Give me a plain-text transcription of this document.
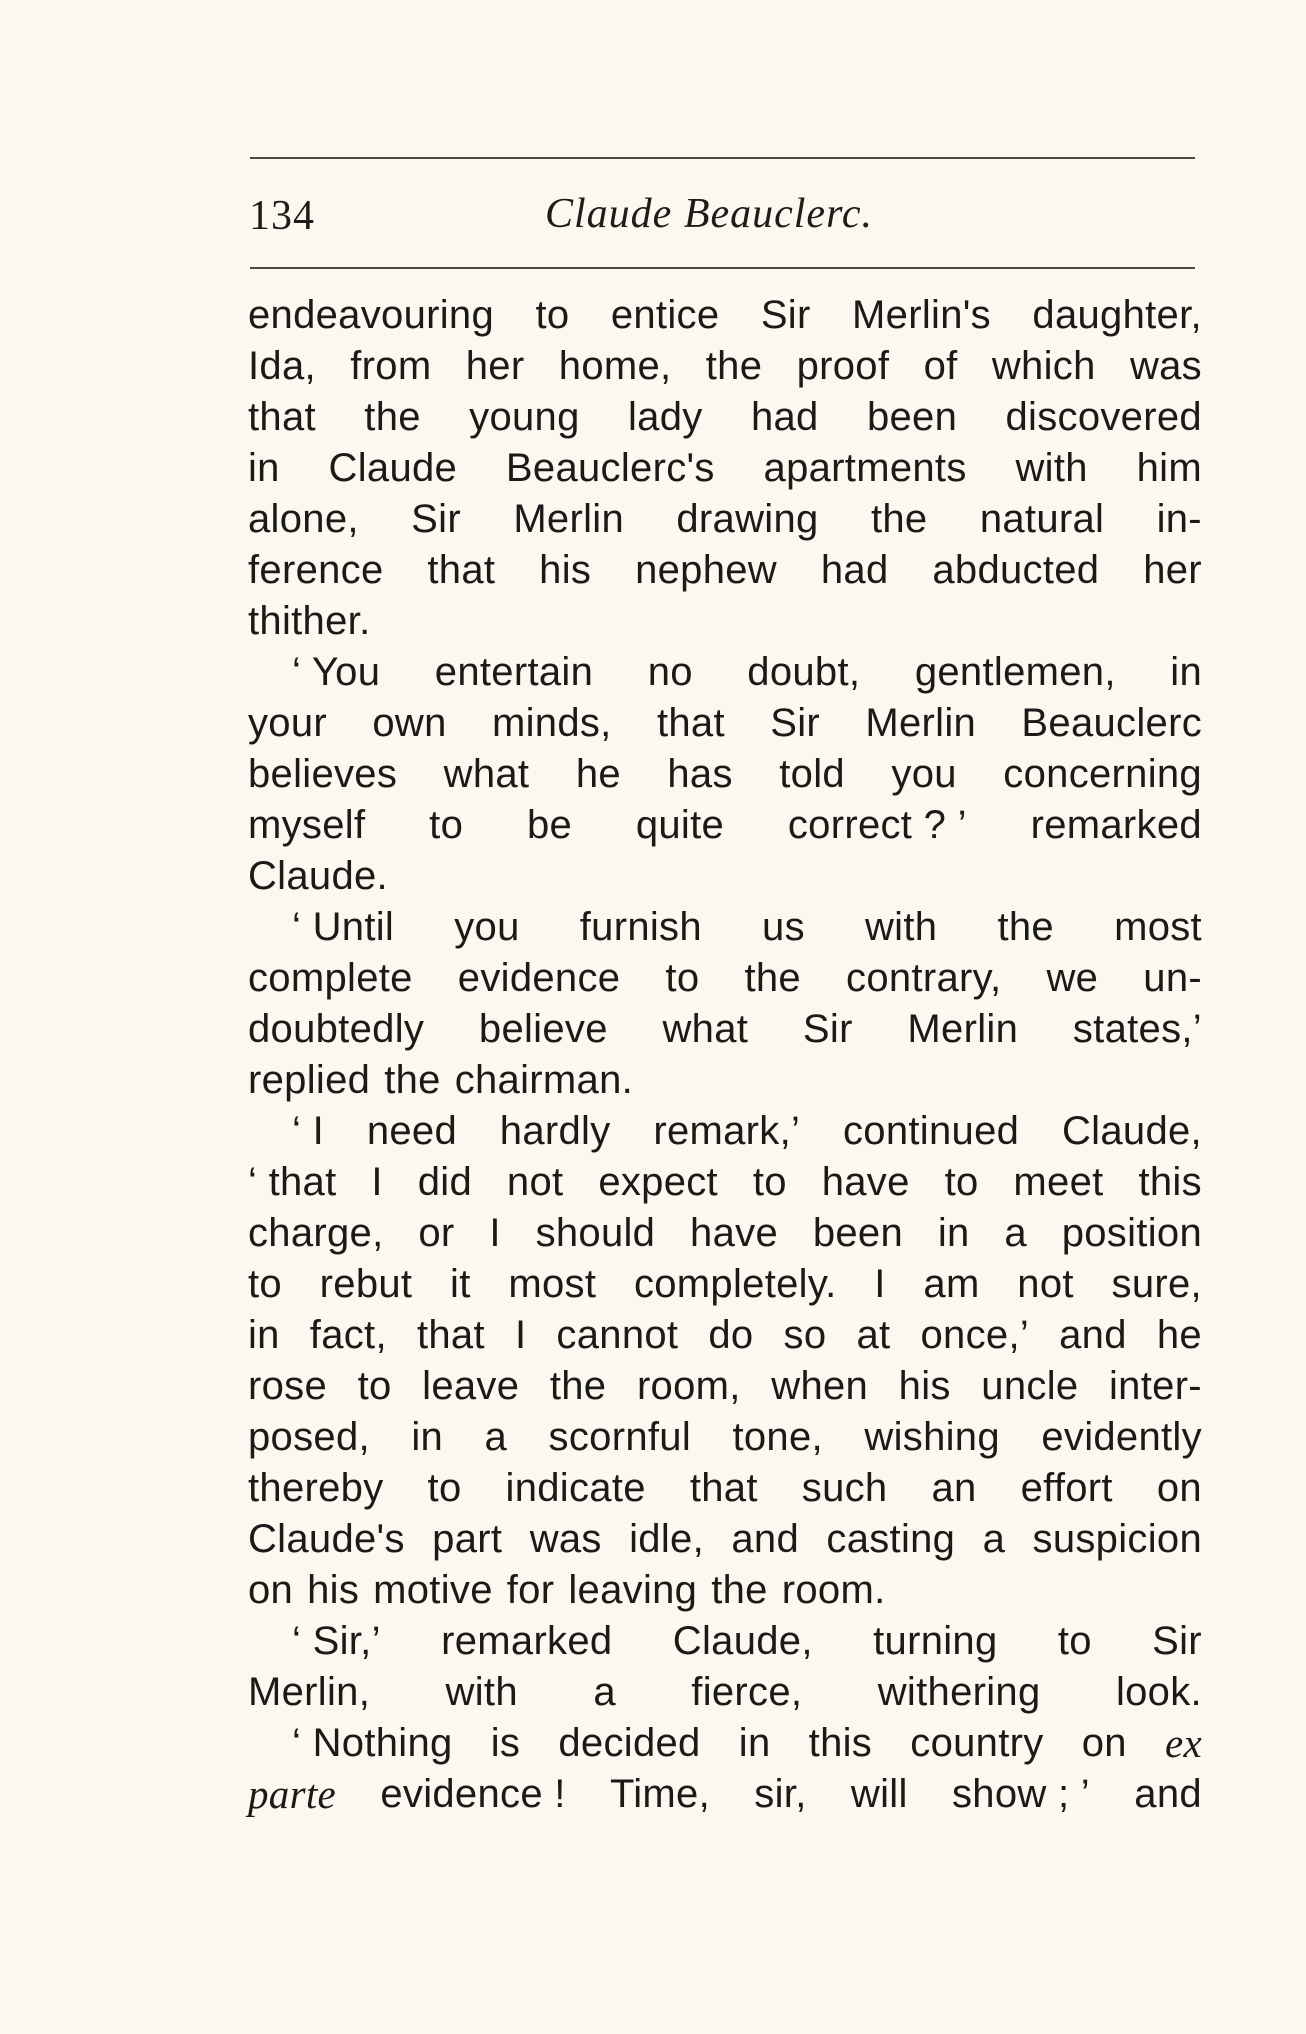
134	Claude Beauclerc.
endeavouring to entice Sir Merlin's daughter,
Ida, from her home, the proof of which was
that the young lady had been discovered
in Claude Beauclerc's apartments with him
alone, Sir Merlin drawing the natural in-
ference that his nephew had abducted her
thither.
‘ You entertain no doubt, gentlemen, in
your own minds, that Sir Merlin Beauclerc
believes what he has told you concerning
myself to be quite correct ? ’ remarked
Claude.
‘ Until you furnish us with the most
complete evidence to the contrary, we un-
doubtedly believe what Sir Merlin states,’
replied the chairman.
‘ I need hardly remark,’ continued Claude,
‘ that I did not expect to have to meet this
charge, or I should have been in a position
to rebut it most completely. I am not sure,
in fact, that I cannot do so at once,’ and he
rose to leave the room, when his uncle inter-
posed, in a scornful tone, wishing evidently
thereby to indicate that such an effort on
Claude's part was idle, and casting a suspicion
on his motive for leaving the room.
‘ Sir,’ remarked Claude, turning to Sir
Merlin, with a fierce, withering look.
‘ Nothing is decided in this country on ex
parte evidence ! Time, sir, will show ; ’ and
